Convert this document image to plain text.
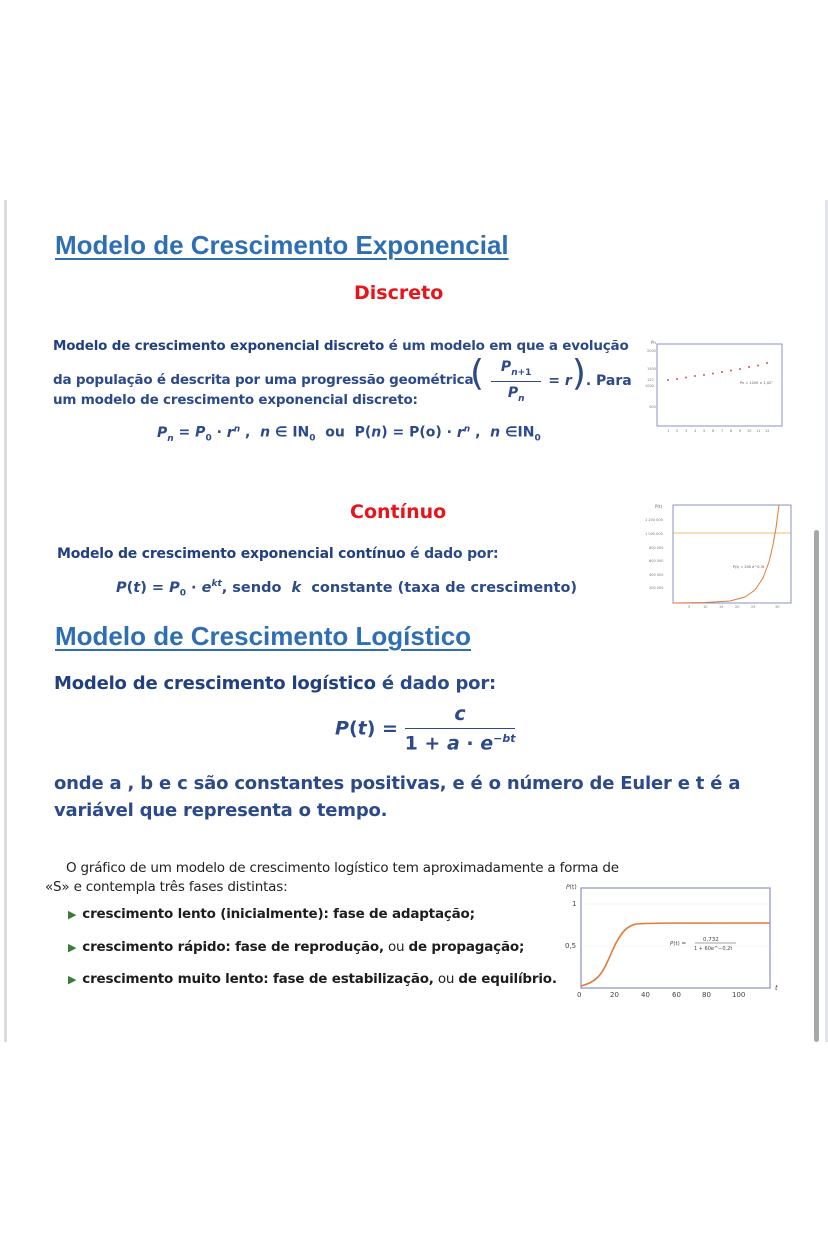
Modelo de Crescimento Exponencial
Discreto
Modelo de crescimento exponencial discreto é um modelo em que a evolução
da população é descrita por uma progressão geométrica
( $\frac{P_{n+1}}{P_n} = r$). Para
um modelo de crescimento exponencial discreto:
$P_n = P_0 \cdot r^n$ ,  n ∈ $IN_0$  ou  $P(n) = P(o) \cdot r^n$ ,  n $\in IN_0$
Pn
2000
1500
120
1000
500
Pn = 1200 × 1,02ⁿ
1 2 3 4 5 6 7 8 9 10 11 12
Contínuo
Modelo de crescimento exponencial contínuo é dado por:
$P(t) = P_0 \cdot e^{kt}$, sendo k constante (taxa de crescimento)
P(t)
1 200 000
1 000 000
800 000
600 000
400 000
200 000
P(t) = 200 e^0,3t
5	10	15	20	25	30
Modelo de Crescimento Logístico
Modelo de crescimento logístico é dado por:
$P(t) = \frac{c}{1 + a \cdot e^{-bt}}$
onde a , b e c são constantes positivas, e é o número de Euler e t é a
variável que representa o tempo.
O gráfico de um modelo de crescimento logístico tem aproximadamente a forma de
«S» e contempla três fases distintas:
▶ crescimento lento (inicialmente): fase de adaptação;
▶ crescimento rápido: fase de reprodução, ou de propagação;
▶ crescimento muito lento: fase de estabilização, ou de equilíbrio.
P(t)
1
0,5	P(t) =
0,732
1 + 60e^−0,2t
0	20	40	60	80	100
t
